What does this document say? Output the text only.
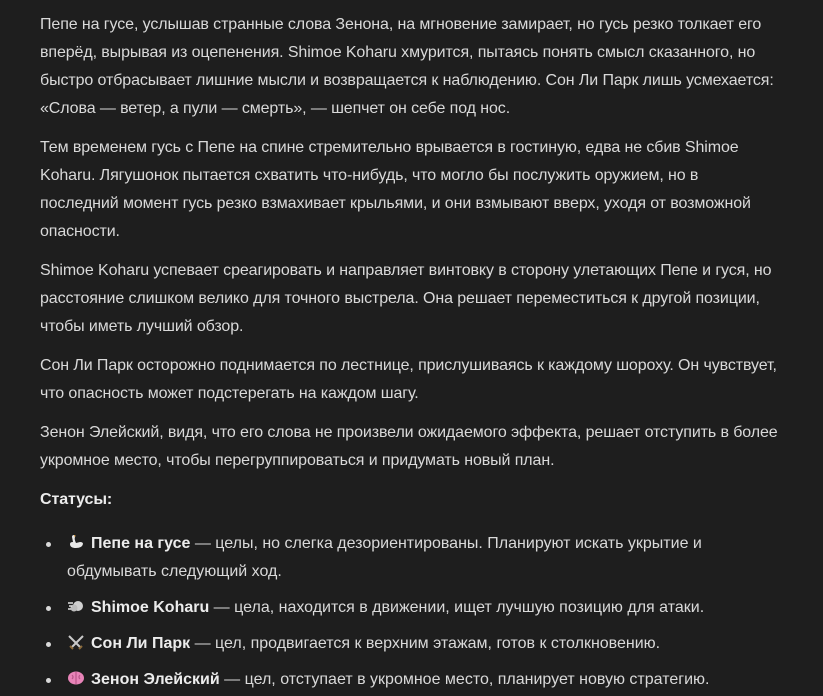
Пепе на гусе, услышав странные слова Зенона, на мгновение замирает, но гусь резко толкает его вперёд, вырывая из оцепенения. Shimoe Koharu хмурится, пытаясь понять смысл сказанного, но быстро отбрасывает лишние мысли и возвращается к наблюдению. Сон Ли Парк лишь усмехается: «Слова — ветер, а пули — смерть», — шепчет он себе под нос.

Тем временем гусь с Пепе на спине стремительно врывается в гостиную, едва не сбив Shimoe Koharu. Лягушонок пытается схватить что-нибудь, что могло бы послужить оружием, но в последний момент гусь резко взмахивает крыльями, и они взмывают вверх, уходя от возможной опасности.

Shimoe Koharu успевает среагировать и направляет винтовку в сторону улетающих Пепе и гуся, но расстояние слишком велико для точного выстрела. Она решает переместиться к другой позиции, чтобы иметь лучший обзор.

Сон Ли Парк осторожно поднимается по лестнице, прислушиваясь к каждому шороху. Он чувствует, что опасность может подстерегать на каждом шагу.

Зенон Элейский, видя, что его слова не произвели ожидаемого эффекта, решает отступить в более укромное место, чтобы перегруппироваться и придумать новый план.

Статусы:

Пепе на гусе — целы, но слегка дезориентированы. Планируют искать укрытие и обдумывать следующий ход.
Shimoe Koharu — цела, находится в движении, ищет лучшую позицию для атаки.
Сон Ли Парк — цел, продвигается к верхним этажам, готов к столкновению.
Зенон Элейский — цел, отступает в укромное место, планирует новую стратегию.
